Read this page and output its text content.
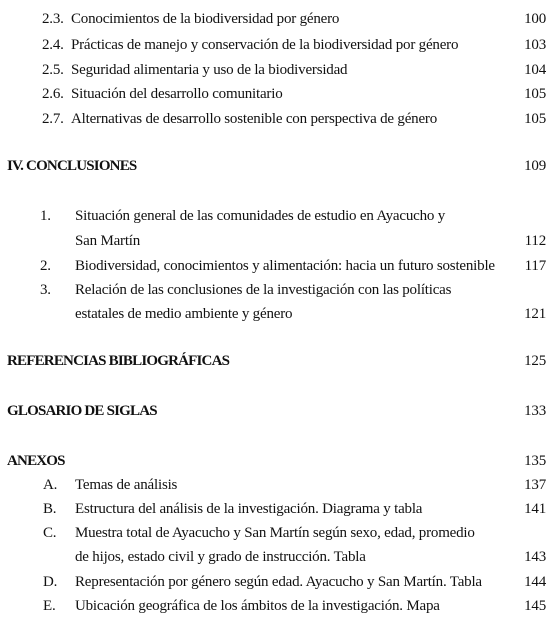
2.3. Conocimientos de la biodiversidad por género	100
2.4. Prácticas de manejo y conservación de la biodiversidad por género	103
2.5. Seguridad alimentaria y uso de la biodiversidad	104
2.6. Situación del desarrollo comunitario	105
2.7. Alternativas de desarrollo sostenible con perspectiva de género	105
IV. CONCLUSIONES	109
1. Situación general de las comunidades de estudio en Ayacucho y
San Martín	112
2. Biodiversidad, conocimientos y alimentación: hacia un futuro sostenible 117
3. Relación de las conclusiones de la investigación con las políticas
estatales de medio ambiente y género	121
REFERENCIAS BIBLIOGRÁFICAS	125
GLOSARIO DE SIGLAS	133
ANEXOS	135
A. Temas de análisis	137
B. Estructura del análisis de la investigación. Diagrama y tabla	141
C. Muestra total de Ayacucho y San Martín según sexo, edad, promedio
de hijos, estado civil y grado de instrucción. Tabla	143
D. Representación por género según edad. Ayacucho y San Martín. Tabla	144
E. Ubicación geográfica de los ámbitos de la investigación. Mapa	145
